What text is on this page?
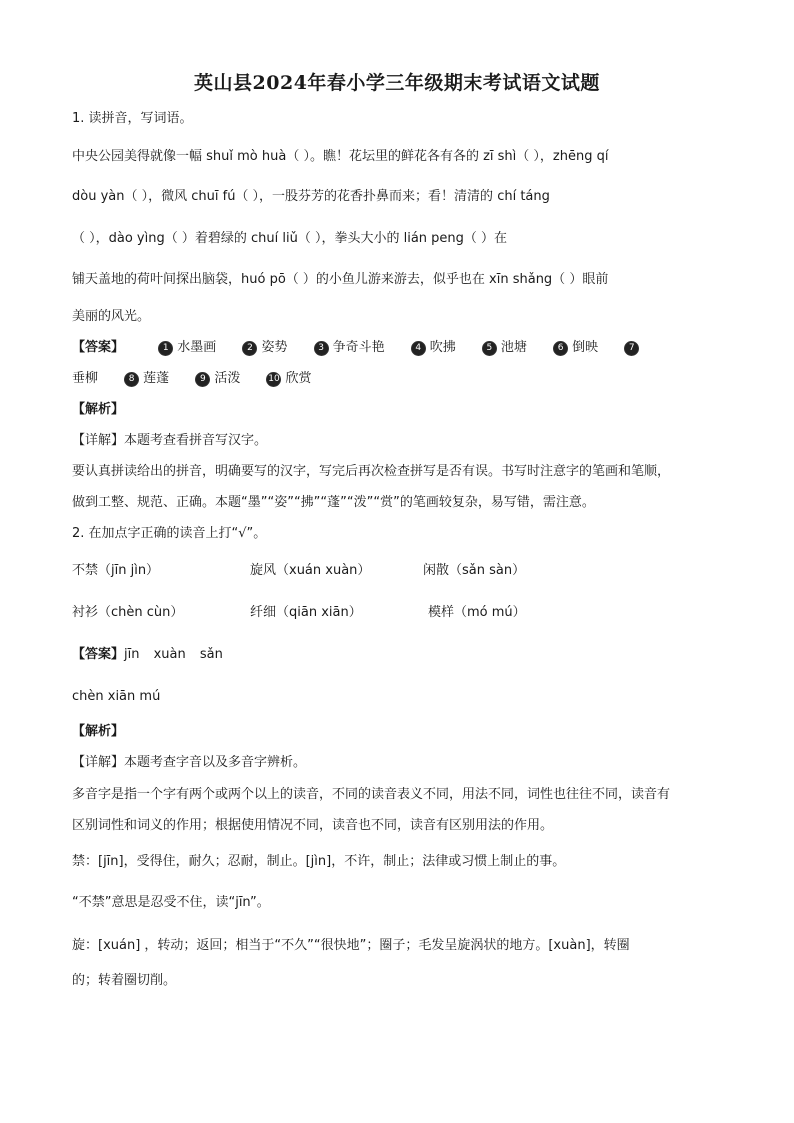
英山县2024年春小学三年级期末考试语文试题
1. 读拼音，写词语。
中央公园美得就像一幅 shuǐ mò huà（ ）。瞧！花坛里的鲜花各有各的 zī shì（ ），zhēng qí
dòu yàn（ ），微风 chuī fú（ ），一股芬芳的花香扑鼻而来；看！清清的 chí táng
（ ），dào yìng（ ）着碧绿的 chuí liǔ（ ），拳头大小的 lián peng（ ）在
铺天盖地的荷叶间探出脑袋，huó pō（ ）的小鱼儿游来游去，似乎也在 xīn shǎng（ ）眼前
美丽的风光。
【答案】	1 水墨画	2 姿势	3 争奇斗艳	4 吹拂	5 池塘	6 倒映	7
垂柳	8 莲蓬	9 活泼	10 欣赏
【解析】
【详解】本题考查看拼音写汉字。
要认真拼读给出的拼音，明确要写的汉字，写完后再次检查拼写是否有误。书写时注意字的笔画和笔顺，
做到工整、规范、正确。本题“墨”“姿”“拂”“蓬”“泼”“赏”的笔画较复杂，易写错，需注意。
2. 在加点字正确的读音上打“√”。
不禁（jīn jìn）	旋风（xuán xuàn）	闲散（sǎn sàn）
衬衫（chèn cùn）	纤细（qiān xiān）	模样（mó mú）
【答案】jīn xuàn sǎn
chèn xiān mú
【解析】
【详解】本题考查字音以及多音字辨析。
多音字是指一个字有两个或两个以上的读音，不同的读音表义不同，用法不同，词性也往往不同，读音有
区别词性和词义的作用；根据使用情况不同，读音也不同，读音有区别用法的作用。
禁：[jīn]，受得住，耐久；忍耐，制止。[jìn]，不许，制止；法律或习惯上制止的事。
“不禁”意思是忍受不住，读“jīn”。
旋：[xuán] ，转动；返回；相当于“不久”“很快地”；圈子；毛发呈旋涡状的地方。[xuàn]，转圈
的；转着圈切削。
